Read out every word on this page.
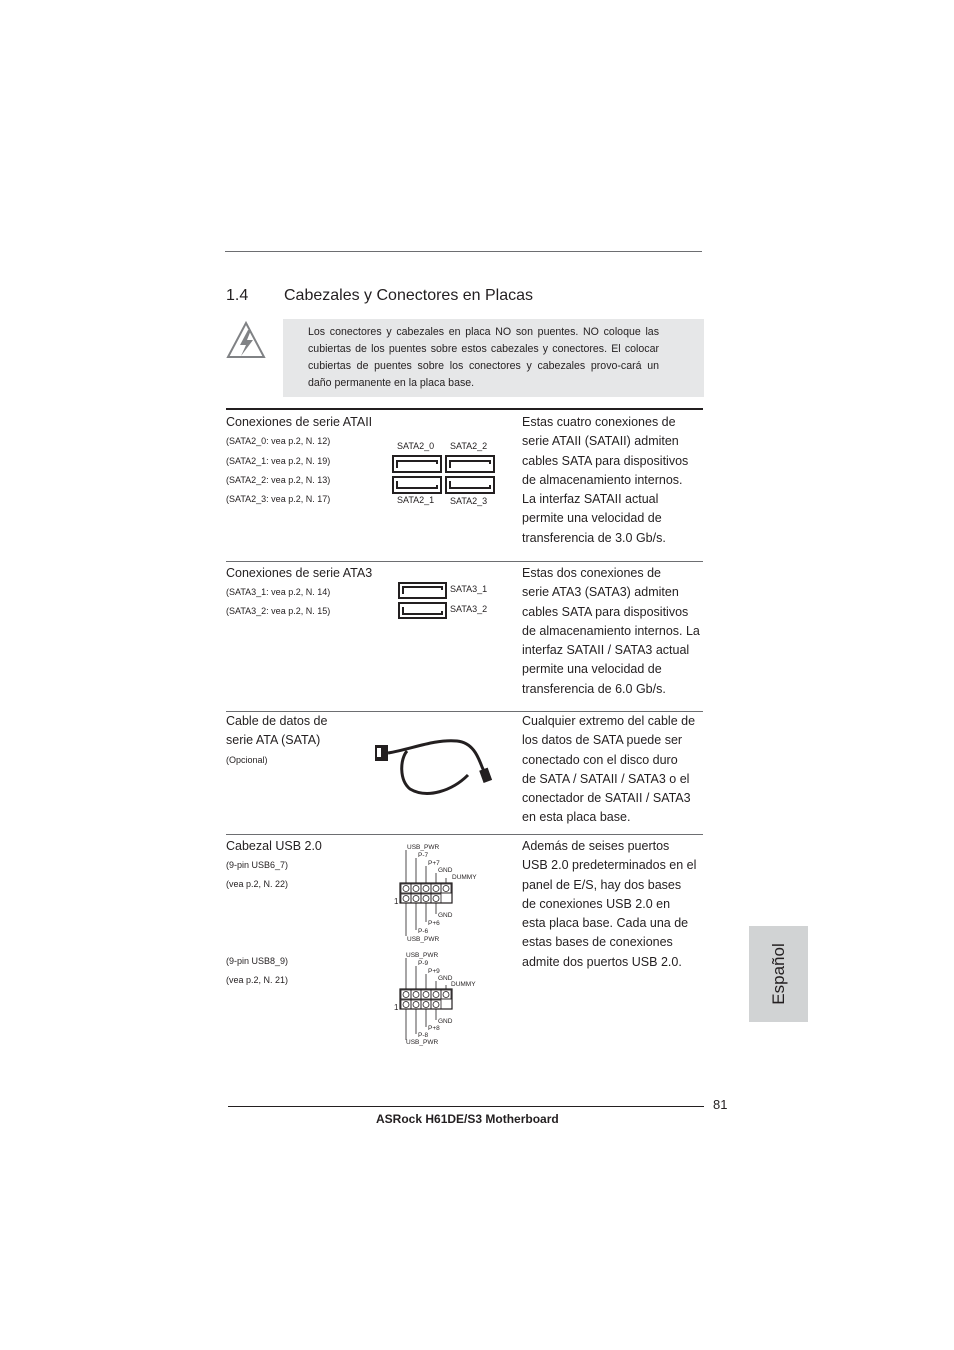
1.4 Cabezales y Conectores en Placas
Los conectores y cabezales en placa NO son puentes. NO coloque las cubiertas de los puentes sobre estos cabezales y conectores. El colocar cubiertas de puentes sobre los conectores y cabezales provo-cará un daño permanente en la placa base.
Conexiones de serie ATAII
(SATA2_0: vea p.2, N. 12)
(SATA2_1: vea p.2, N. 19)
(SATA2_2: vea p.2, N. 13)
(SATA2_3: vea p.2, N. 17)
SATA2_0 SATA2_2
SATA2_1 SATA2_3
Estas cuatro conexiones de
serie ATAII (SATAII) admiten
cables SATA para dispositivos
de almacenamiento internos.
La interfaz SATAII actual
permite una velocidad de
transferencia de 3.0 Gb/s.
Conexiones de serie ATA3
(SATA3_1: vea p.2, N. 14)
(SATA3_2: vea p.2, N. 15)
SATA3_1
SATA3_2
Estas dos conexiones de
serie ATA3 (SATA3) admiten
cables SATA para dispositivos
de almacenamiento internos. La
interfaz SATAII / SATA3 actual
permite una velocidad de
transferencia de 6.0 Gb/s.
Cable de datos de
serie ATA (SATA)
(Opcional)
Cualquier extremo del cable de
los datos de SATA puede ser
conectado con el disco duro
de SATA / SATAII / SATA3 o el
conectador de SATAII / SATA3
en esta placa base.
Cabezal USB 2.0
(9-pin USB6_7)
(vea p.2, N. 22)
(9-pin USB8_9)
(vea p.2, N. 21)
USB_PWR
P-7
P+7
GND
DUMMY
1
GND
P+6
P-6
USB_PWR
USB_PWR
P-9
P+9
GND
DUMMY
1
GND
P+8
P-8
USB_PWR
Además de seises puertos
USB 2.0 predeterminados en el
panel de E/S, hay dos bases
de conexiones USB 2.0 en
esta placa base. Cada una de
estas bases de conexiones
admite dos puertos USB 2.0.	Español
81
ASRock H61DE/S3 Motherboard
